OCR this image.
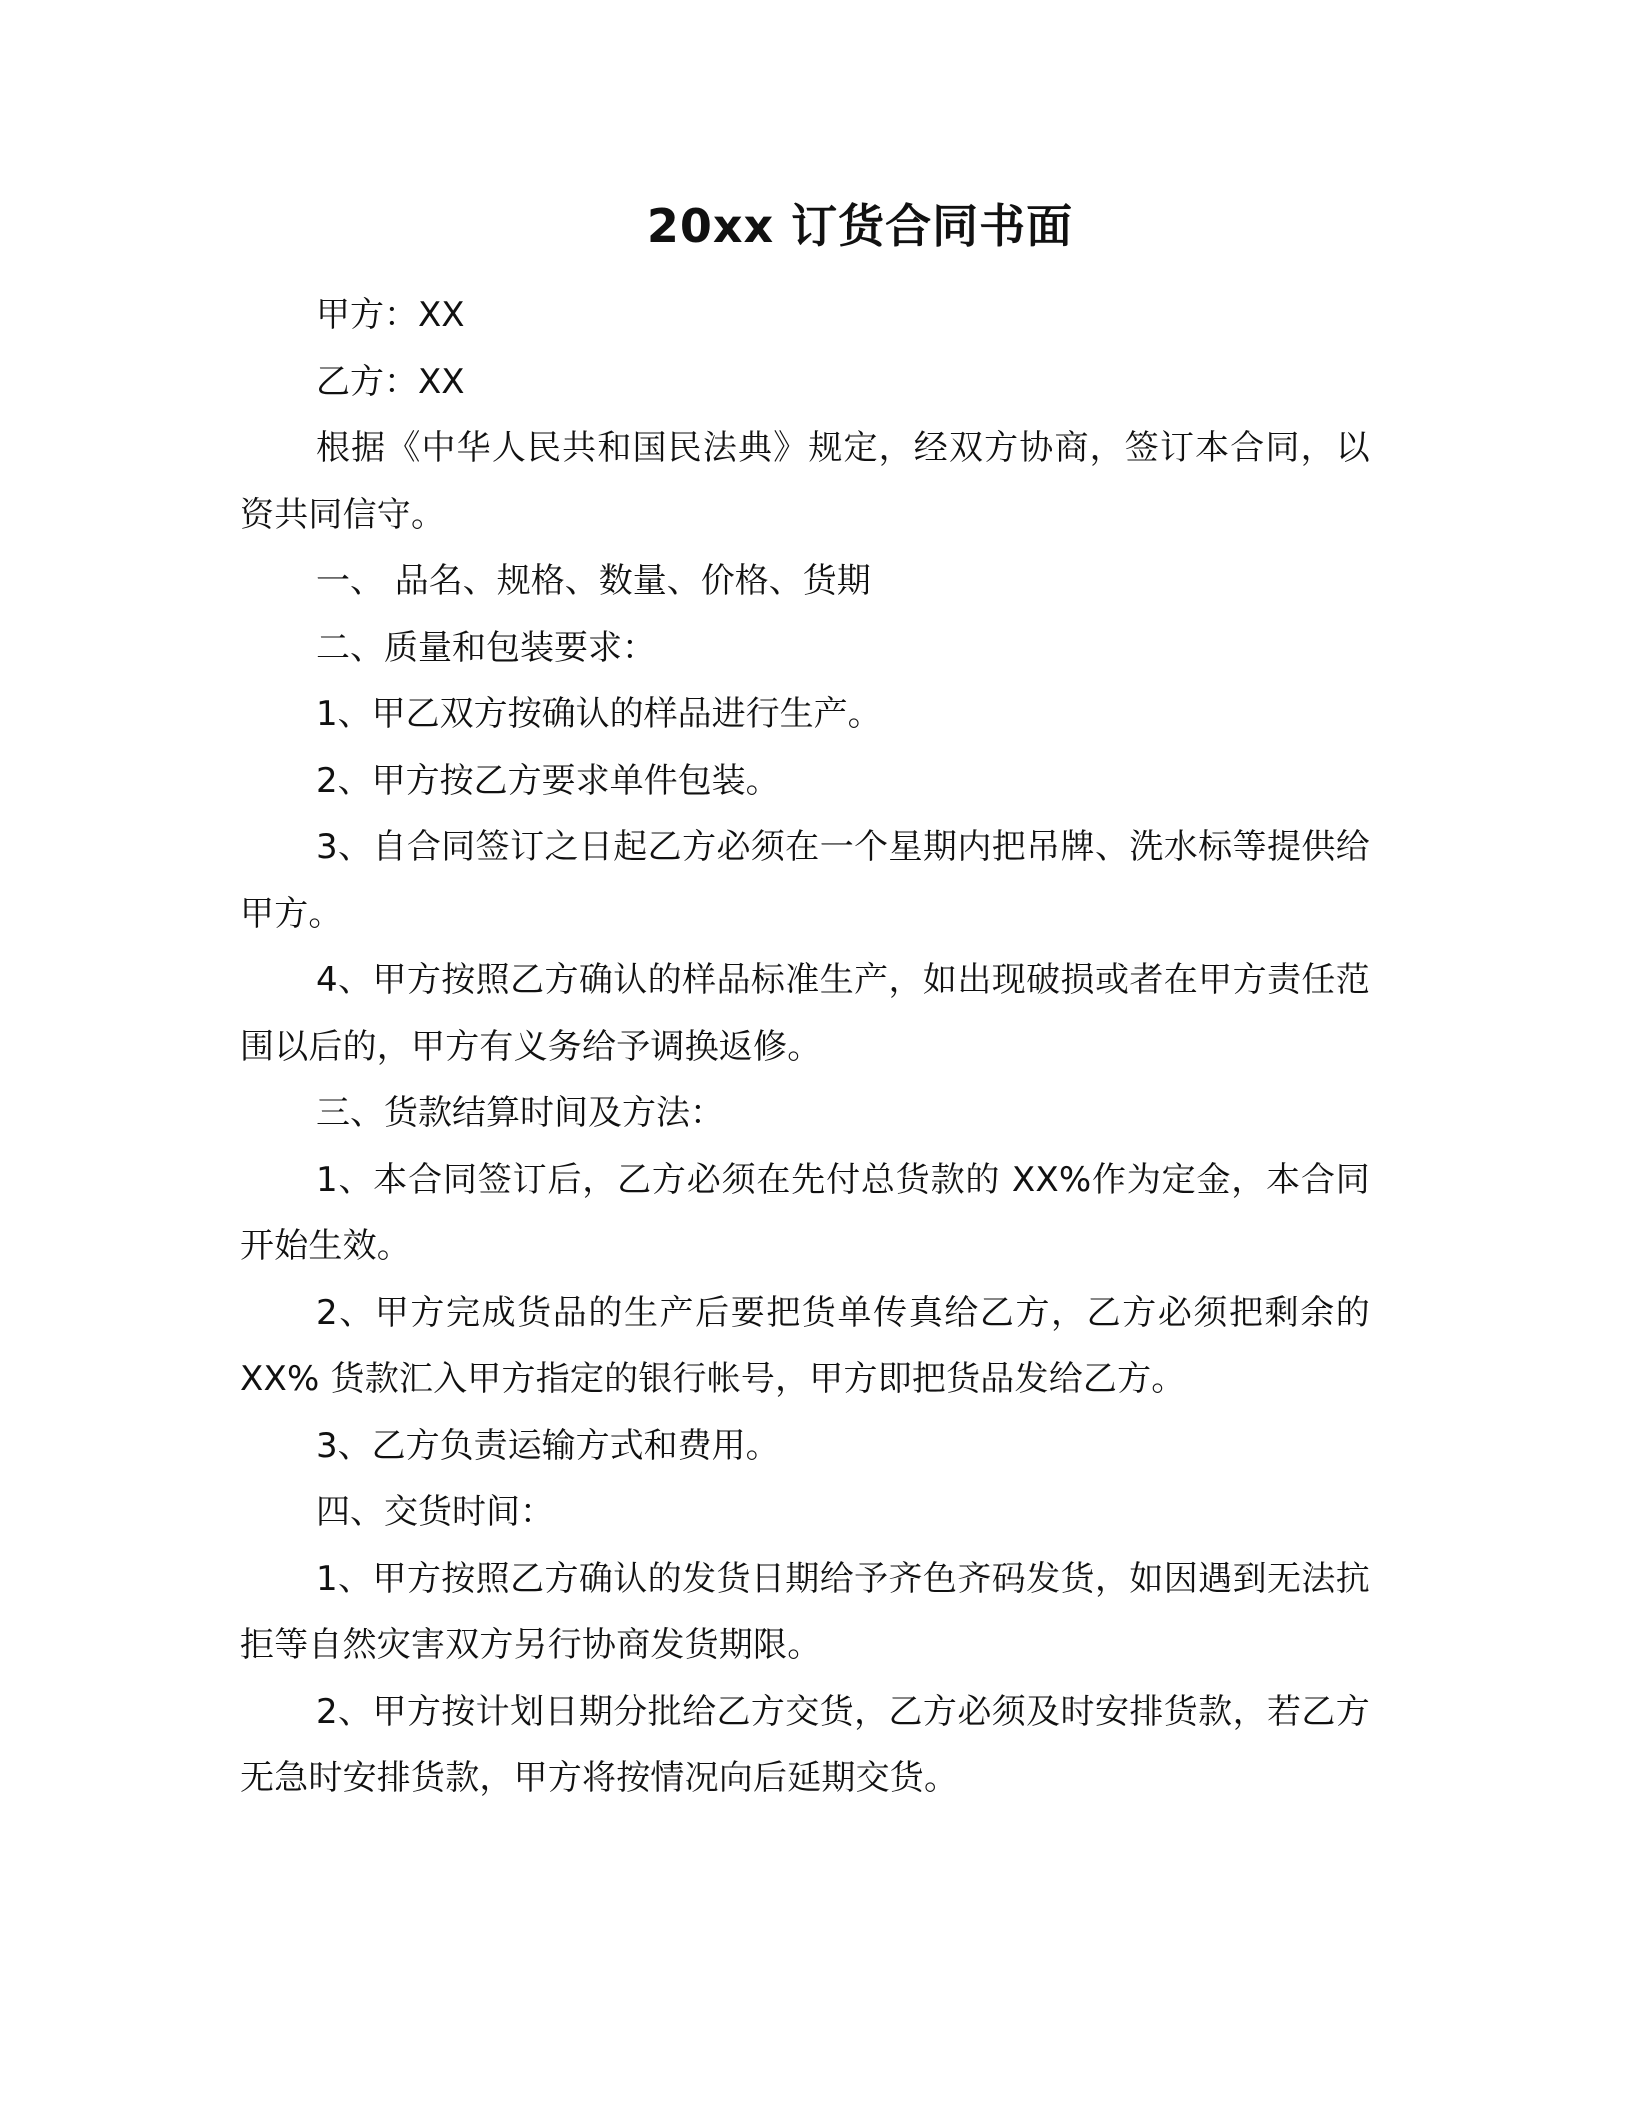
20xx 订货合同书面

甲方：XX

乙方：XX

根据《中华人民共和国民法典》规定，经双方协商，签订本合同，以资共同信守。

一、 品名、规格、数量、价格、货期

二、质量和包装要求：

1、甲乙双方按确认的样品进行生产。

2、甲方按乙方要求单件包装。

3、自合同签订之日起乙方必须在一个星期内把吊牌、洗水标等提供给甲方。

4、甲方按照乙方确认的样品标准生产，如出现破损或者在甲方责任范围以后的，甲方有义务给予调换返修。

三、货款结算时间及方法：

1、本合同签订后，乙方必须在先付总货款的 XX%作为定金，本合同开始生效。

2、甲方完成货品的生产后要把货单传真给乙方，乙方必须把剩余的 XX% 货款汇入甲方指定的银行帐号，甲方即把货品发给乙方。

3、乙方负责运输方式和费用。

四、交货时间：

1、甲方按照乙方确认的发货日期给予齐色齐码发货，如因遇到无法抗拒等自然灾害双方另行协商发货期限。

2、甲方按计划日期分批给乙方交货，乙方必须及时安排货款，若乙方无急时安排货款，甲方将按情况向后延期交货。
